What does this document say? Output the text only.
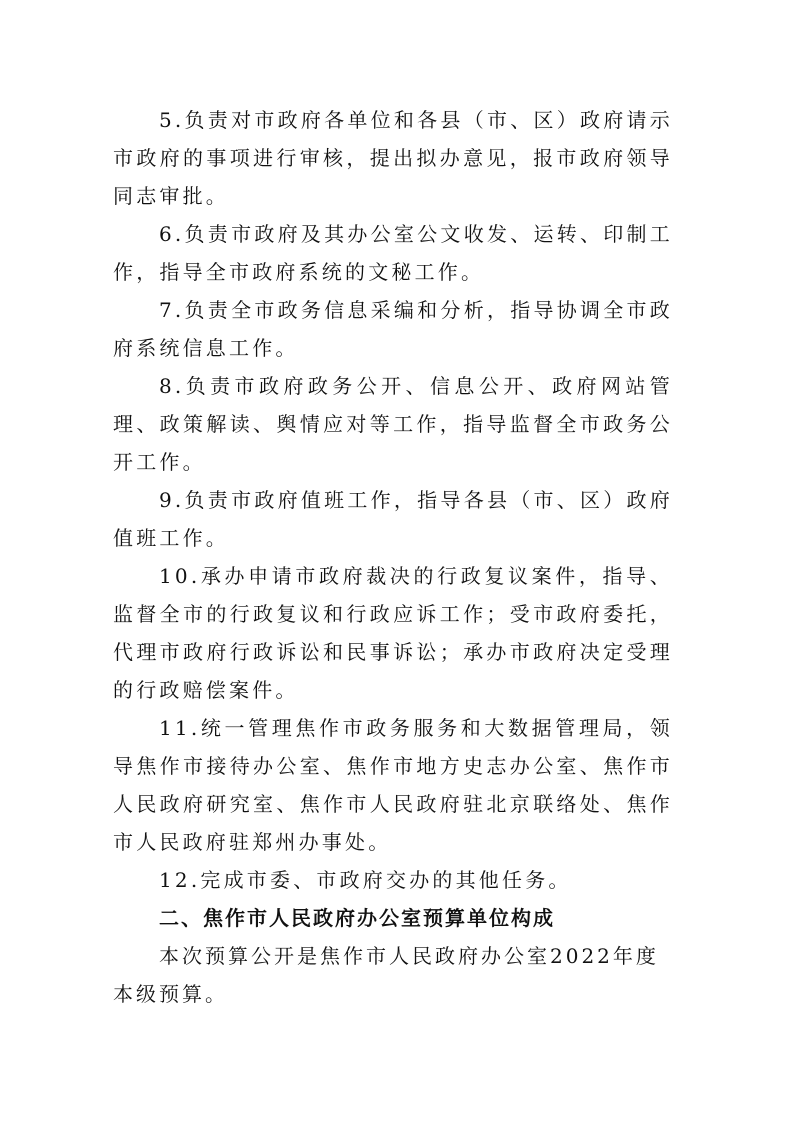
5.负责对市政府各单位和各县（市、区）政府请示市政府的事项进行审核，提出拟办意见，报市政府领导同志审批。

6.负责市政府及其办公室公文收发、运转、印制工作，指导全市政府系统的文秘工作。

7.负责全市政务信息采编和分析，指导协调全市政府系统信息工作。

8.负责市政府政务公开、信息公开、政府网站管理、政策解读、舆情应对等工作，指导监督全市政务公开工作。

9.负责市政府值班工作，指导各县（市、区）政府值班工作。

10.承办申请市政府裁决的行政复议案件，指导、监督全市的行政复议和行政应诉工作；受市政府委托，代理市政府行政诉讼和民事诉讼；承办市政府决定受理的行政赔偿案件。

11.统一管理焦作市政务服务和大数据管理局，领导焦作市接待办公室、焦作市地方史志办公室、焦作市人民政府研究室、焦作市人民政府驻北京联络处、焦作市人民政府驻郑州办事处。

12.完成市委、市政府交办的其他任务。

二、焦作市人民政府办公室预算单位构成

本次预算公开是焦作市人民政府办公室2022年度本级预算。
